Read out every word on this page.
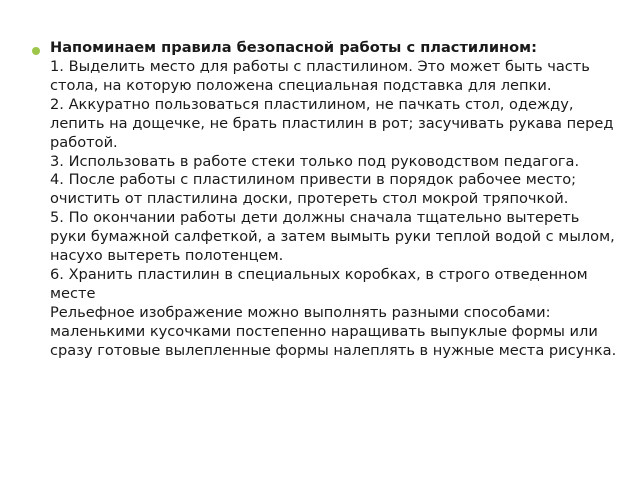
Напоминаем правила безопасной работы с пластилином:
1. Выделить место для работы с пластилином. Это может быть часть стола, на которую положена специальная подставка для лепки.
2. Аккуратно пользоваться пластилином, не пачкать стол, одежду, лепить на дощечке, не брать пластилин в рот; засучивать рукава перед работой.
3. Использовать в работе стеки только под руководством педагога.
4. После работы с пластилином привести в порядок рабочее место; очистить от пластилина доски, протереть стол мокрой тряпочкой.
5. По окончании работы дети должны сначала тщательно вытереть руки бумажной салфеткой, а затем вымыть руки теплой водой с мылом, насухо вытереть полотенцем.
6. Хранить пластилин в специальных коробках, в строго отведенном месте
Рельефное изображение можно выполнять разными способами: маленькими кусочками постепенно наращивать выпуклые формы или сразу готовые вылепленные формы налеплять в нужные места рисунка.
